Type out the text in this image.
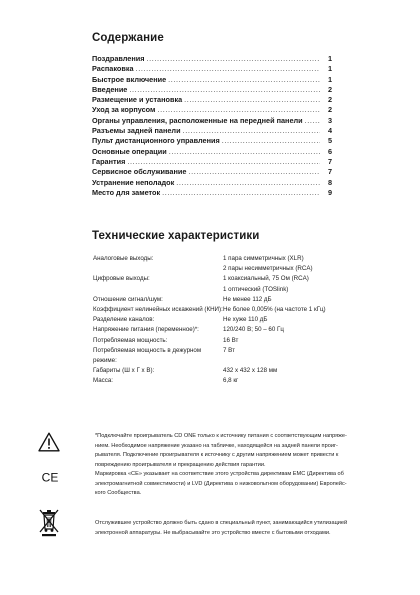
Содержание
Поздравления .....	1
Распаковка .....	1
Быстрое включение .....	1
Введение .....	2
Размещение и установка .....	2
Уход за корпусом .....	2
Органы управления, расположенные на передней панели .....	3
Разъемы задней панели .....	4
Пульт дистанционного управления .....	5
Основные операции .....	6
Гарантия .....	7
Сервисное обслуживание .....	7
Устранение неполадок .....	8
Место для заметок .....	9
Технические характеристики
Аналоговые выходы:	1 пара симметричных (XLR)
2 пары несимметричных (RCA)
Цифровые выходы:	1 коаксиальный, 75 Ом (RCA)
1 оптический (TOSlink)
Отношение сигнал/шум:	Не менее 112 дБ
Коэффициент нелинейных искажений (КНИ): Не более 0,005% (на частоте 1 кГц)
Разделение каналов:	Не хуже 110 дБ
Напряжение питания (переменное)*:	120/240 В; 50 – 60 Гц
Потребляемая мощность:	16 Вт
Потребляемая мощность в дежурном режиме:
7 Вт
Габариты (Ш x Г x В):	432 x 432 x 128 мм
Масса:	6,8 кг

*Подключайте проигрыватель CD ONE только к источнику питания с соответствующим напряже-

нием. Необходимое напряжение указано на табличке, находящейся на задней панели проиг-

рывателя. Подключение проигрывателя к источнику с другим напряжением может привести к

повреждению проигрывателя и прекращению действия гарантии.

CE	Маркировка «СЕ» указывает на соответствие этого устройства директивам ЕМС (Директива об

электромагнитной совместимости) и LVD (Директива о низковольтном оборудовании) Европейс-

кого Сообщества.

Отслужившее устройство должно быть сдано в специальный пункт, занимающийся утилизацией

электронной аппаратуры. Не выбрасывайте это устройство вместе с бытовыми отходами.
